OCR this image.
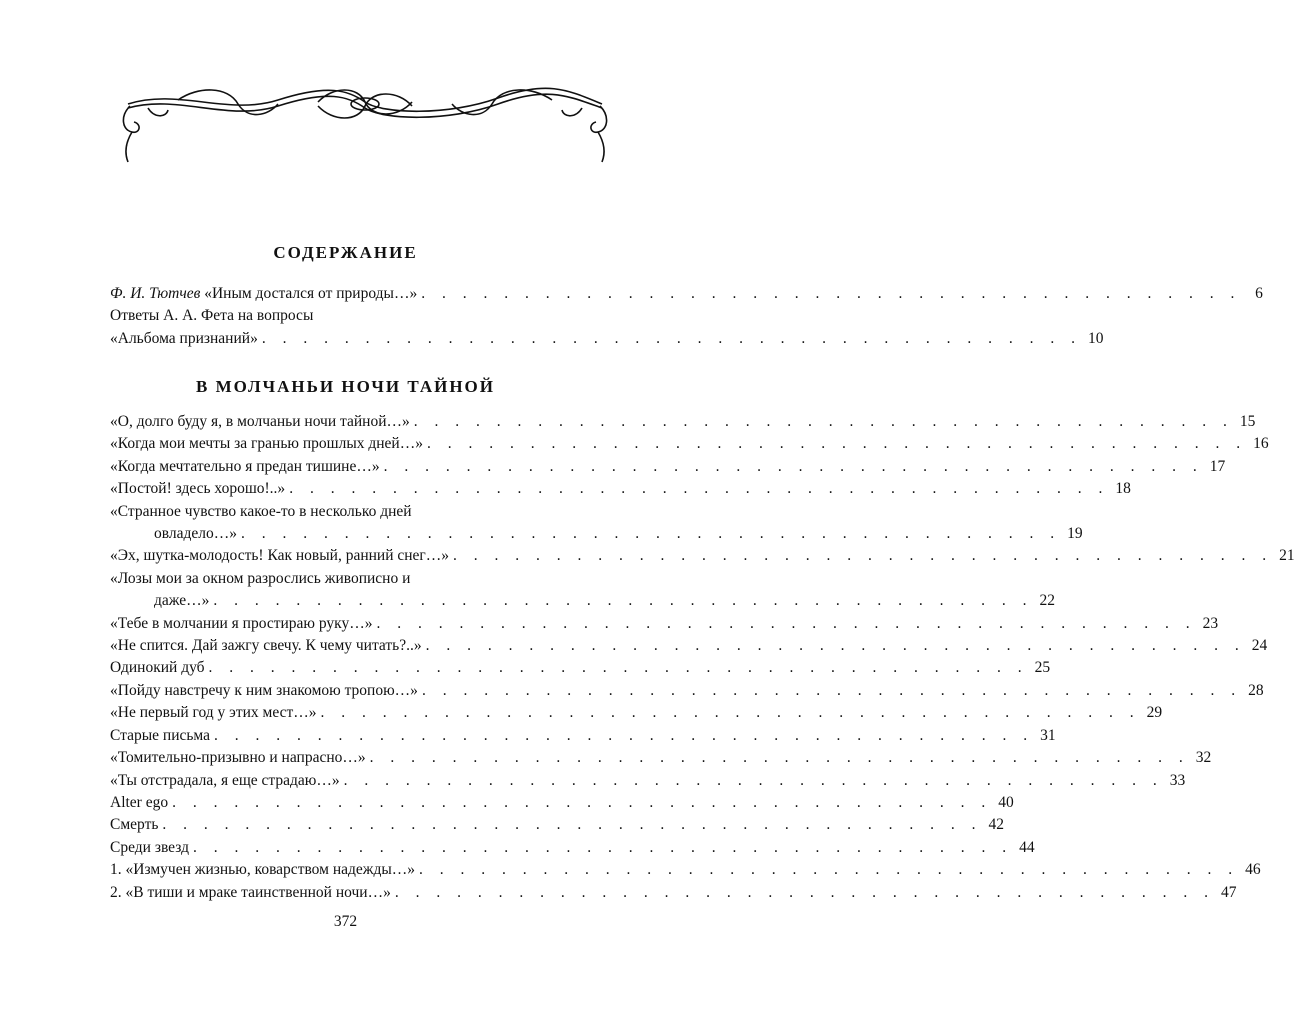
СОДЕРЖАНИЕ
Ф. И. Тютчев «Иным достался от природы…» . . . . . . . . . . . . . . . . . . . . . . . . . . . . . . . . . . . . . . . . 6
Ответы А. А. Фета на вопросы
«Альбома признаний» . . . . . . . . . . . . . . . . . . . . . . . . . . . . . . . . . . . . . . . . 10
В МОЛЧАНЬИ НОЧИ ТАЙНОЙ
«О, долго буду я, в молчаньи ночи тайной…» . . . . . . . . . . . . . . . . . . . . . . . . . . . . . . . . . . . . . . . . 15
«Когда мои мечты за гранью прошлых дней…» . . . . . . . . . . . . . . . . . . . . . . . . . . . . . . . . . . . . . . . . 16
«Когда мечтательно я предан тишине…» . . . . . . . . . . . . . . . . . . . . . . . . . . . . . . . . . . . . . . . . 17
«Постой! здесь хорошо!..» . . . . . . . . . . . . . . . . . . . . . . . . . . . . . . . . . . . . . . . . 18
«Странное чувство какое-то в несколько дней
овладело…» . . . . . . . . . . . . . . . . . . . . . . . . . . . . . . . . . . . . . . . . 19
«Эх, шутка-молодость! Как новый, ранний снег…» . . . . . . . . . . . . . . . . . . . . . . . . . . . . . . . . . . . . . . . . 21
«Лозы мои за окном разрослись живописно и
даже…» . . . . . . . . . . . . . . . . . . . . . . . . . . . . . . . . . . . . . . . . 22
«Тебе в молчании я простираю руку…» . . . . . . . . . . . . . . . . . . . . . . . . . . . . . . . . . . . . . . . . 23
«Не спится. Дай зажгу свечу. К чему читать?..» . . . . . . . . . . . . . . . . . . . . . . . . . . . . . . . . . . . . . . . . 24
Одинокий дуб . . . . . . . . . . . . . . . . . . . . . . . . . . . . . . . . . . . . . . . . 25
«Пойду навстречу к ним знакомою тропою…» . . . . . . . . . . . . . . . . . . . . . . . . . . . . . . . . . . . . . . . . 28
«Не первый год у этих мест…» . . . . . . . . . . . . . . . . . . . . . . . . . . . . . . . . . . . . . . . . 29
Старые письма . . . . . . . . . . . . . . . . . . . . . . . . . . . . . . . . . . . . . . . . 31
«Томительно-призывно и напрасно…» . . . . . . . . . . . . . . . . . . . . . . . . . . . . . . . . . . . . . . . . 32
«Ты отстрадала, я еще страдаю…» . . . . . . . . . . . . . . . . . . . . . . . . . . . . . . . . . . . . . . . . 33
Alter ego . . . . . . . . . . . . . . . . . . . . . . . . . . . . . . . . . . . . . . . . 40
Смерть . . . . . . . . . . . . . . . . . . . . . . . . . . . . . . . . . . . . . . . . 42
Среди звезд . . . . . . . . . . . . . . . . . . . . . . . . . . . . . . . . . . . . . . . . 44
1. «Измучен жизнью, коварством надежды…» . . . . . . . . . . . . . . . . . . . . . . . . . . . . . . . . . . . . . . . . 46
2. «В тиши и мраке таинственной ночи…» . . . . . . . . . . . . . . . . . . . . . . . . . . . . . . . . . . . . . . . . 47
372
